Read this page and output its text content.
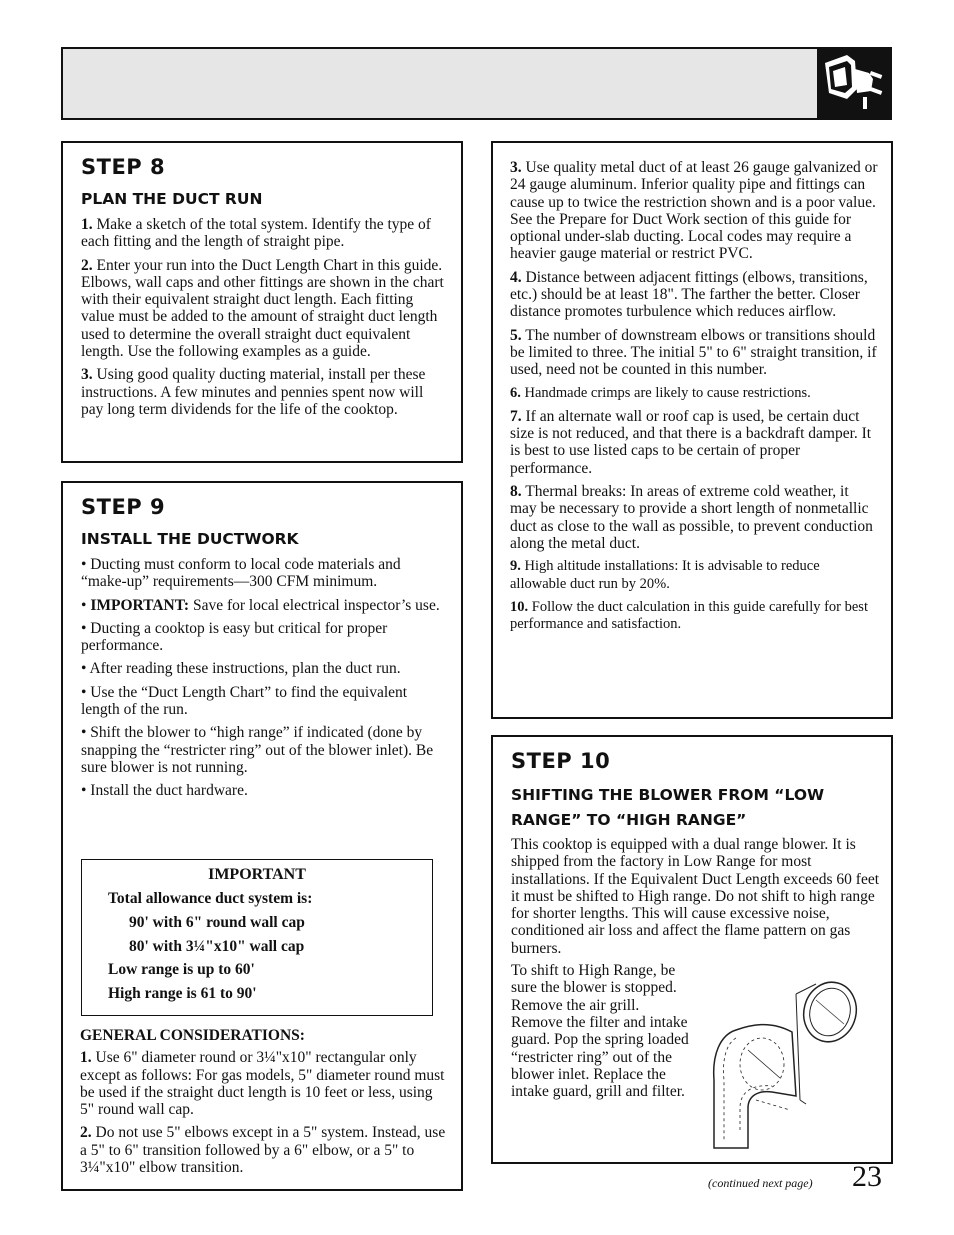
STEP 8
PLAN THE DUCT RUN

1. Make a sketch of the total system. Identify the type of each fitting and the length of straight pipe.

2. Enter your run into the Duct Length Chart in this guide. Elbows, wall caps and other fittings are shown in the chart with their equivalent straight duct length. Each fitting value must be added to the amount of straight duct length used to determine the overall straight duct equivalent length. Use the following examples as a guide.

3. Using good quality ducting material, install per these instructions. A few minutes and pennies spent now will pay long term dividends for the life of the cooktop.

STEP 9
INSTALL THE DUCTWORK

• Ducting must conform to local code materials and “make-up” requirements—300 CFM minimum.

• IMPORTANT: Save for local electrical inspector’s use.

• Ducting a cooktop is easy but critical for proper performance.

• After reading these instructions, plan the duct run.

• Use the “Duct Length Chart” to find the equivalent length of the run.

• Shift the blower to “high range” if indicated (done by snapping the “restricter ring” out of the blower inlet). Be sure blower is not running.

• Install the duct hardware.

IMPORTANT
Total allowance duct system is:
90' with 6" round wall cap
80' with 3¼"x10" wall cap
Low range is up to 60'
High range is 61 to 90'

GENERAL CONSIDERATIONS:

1. Use 6" diameter round or 3¼"x10" rectangular only except as follows: For gas models, 5" diameter round must be used if the straight duct length is 10 feet or less, using 5" round wall cap.

2. Do not use 5" elbows except in a 5" system. Instead, use a 5" to 6" transition followed by a 6" elbow, or a 5" to 3¼"x10" elbow transition.

3. Use quality metal duct of at least 26 gauge galvanized or 24 gauge aluminum. Inferior quality pipe and fittings can cause up to twice the restriction shown and is a poor value. See the Prepare for Duct Work section of this guide for optional under-slab ducting. Local codes may require a heavier gauge material or restrict PVC.

4. Distance between adjacent fittings (elbows, transitions, etc.) should be at least 18". The farther the better. Closer distance promotes turbulence which reduces airflow.

5. The number of downstream elbows or transitions should be limited to three. The initial 5" to 6" straight transition, if used, need not be counted in this number.

6. Handmade crimps are likely to cause restrictions.

7. If an alternate wall or roof cap is used, be certain duct size is not reduced, and that there is a backdraft damper. It is best to use listed caps to be certain of proper performance.

8. Thermal breaks: In areas of extreme cold weather, it may be necessary to provide a short length of nonmetallic duct as close to the wall as possible, to prevent conduction along the metal duct.

9. High altitude installations: It is advisable to reduce allowable duct run by 20%.

10. Follow the duct calculation in this guide carefully for best performance and satisfaction.

STEP 10
SHIFTING THE BLOWER FROM “LOW
RANGE” TO “HIGH RANGE”

This cooktop is equipped with a dual range blower. It is shipped from the factory in Low Range for most installations. If the Equivalent Duct Length exceeds 60 feet it must be shifted to High range. Do not shift to high range for shorter lengths. This will cause excessive noise, conditioned air loss and affect the flame pattern on gas burners.

To shift to High Range, be sure the blower is stopped. Remove the air grill. Remove the filter and intake guard. Pop the spring loaded “restricter ring” out of the blower inlet. Replace the intake guard, grill and filter.

(continued next page) 23
